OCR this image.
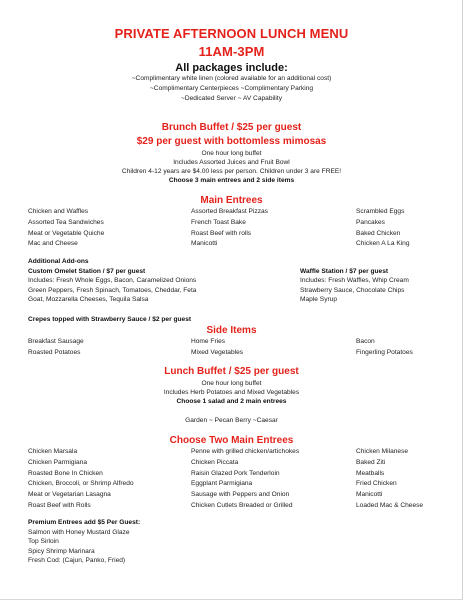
PRIVATE AFTERNOON LUNCH MENU
11AM-3PM
All packages include:
~Complimentary white linen (colored available for an additional cost)
~Complimentary Centerpieces ~Complimentary Parking
~Dedicated Server ~ AV Capability
Brunch Buffet / $25 per guest
$29 per guest with bottomless mimosas
One hour long buffet
Includes Assorted Juices and Fruit Bowl
Children 4-12 years are $4.00 less per person. Children under 3 are FREE!
Choose 3 main entrees and 2 side items
Main Entrees
Chicken and Waffles
Assorted Tea Sandwiches
Meat or Vegetable Quiche
Mac and Cheese
Assorted Breakfast Pizzas
French Toast Bake
Roast Beef with rolls
Manicotti
Scrambled Eggs
Pancakes
Baked Chicken
Chicken A La King
Additional Add-ons
Custom Omelet Station / $7 per guest
Includes: Fresh Whole Eggs, Bacon, Caramelized Onions
Green Peppers, Fresh Spinach, Tomatoes, Cheddar, Feta
Goat, Mozzarella Cheeses, Tequila Salsa
Waffle Station / $7 per guest
Includes: Fresh Waffles, Whip Cream
Strawberry Sauce, Chocolate Chips
Maple Syrup
Crepes topped with Strawberry Sauce / $2 per guest
Side Items
Breakfast Sausage
Roasted Potatoes
Home Fries
Mixed Vegetables
Bacon
Fingerling Potatoes
Lunch Buffet / $25 per guest
One hour long buffet
Includes Herb Potatoes and Mixed Vegetables
Choose 1 salad and 2 main entrees
Garden ~ Pecan Berry ~Caesar
Choose Two Main Entrees
Chicken Marsala
Chicken Parmigiana
Roasted Bone In Chicken
Chicken, Broccoli, or Shrimp Alfredo
Meat or Vegetarian Lasagna
Roast Beef with Rolls
Penne with grilled chicken/artichokes
Chicken Piccata
Raisin Glazed Pork Tenderloin
Eggplant Parmigiana
Sausage with Peppers and Onion
Chicken Cutlets Breaded or Grilled
Chicken Milanese
Baked Ziti
Meatballs
Fried Chicken
Manicotti
Loaded Mac & Cheese
Premium Entrees add $5 Per Guest:
Salmon with Honey Mustard Glaze
Top Sirloin
Spicy Shrimp Marinara
Fresh Cod: (Cajun, Panko, Fried)
